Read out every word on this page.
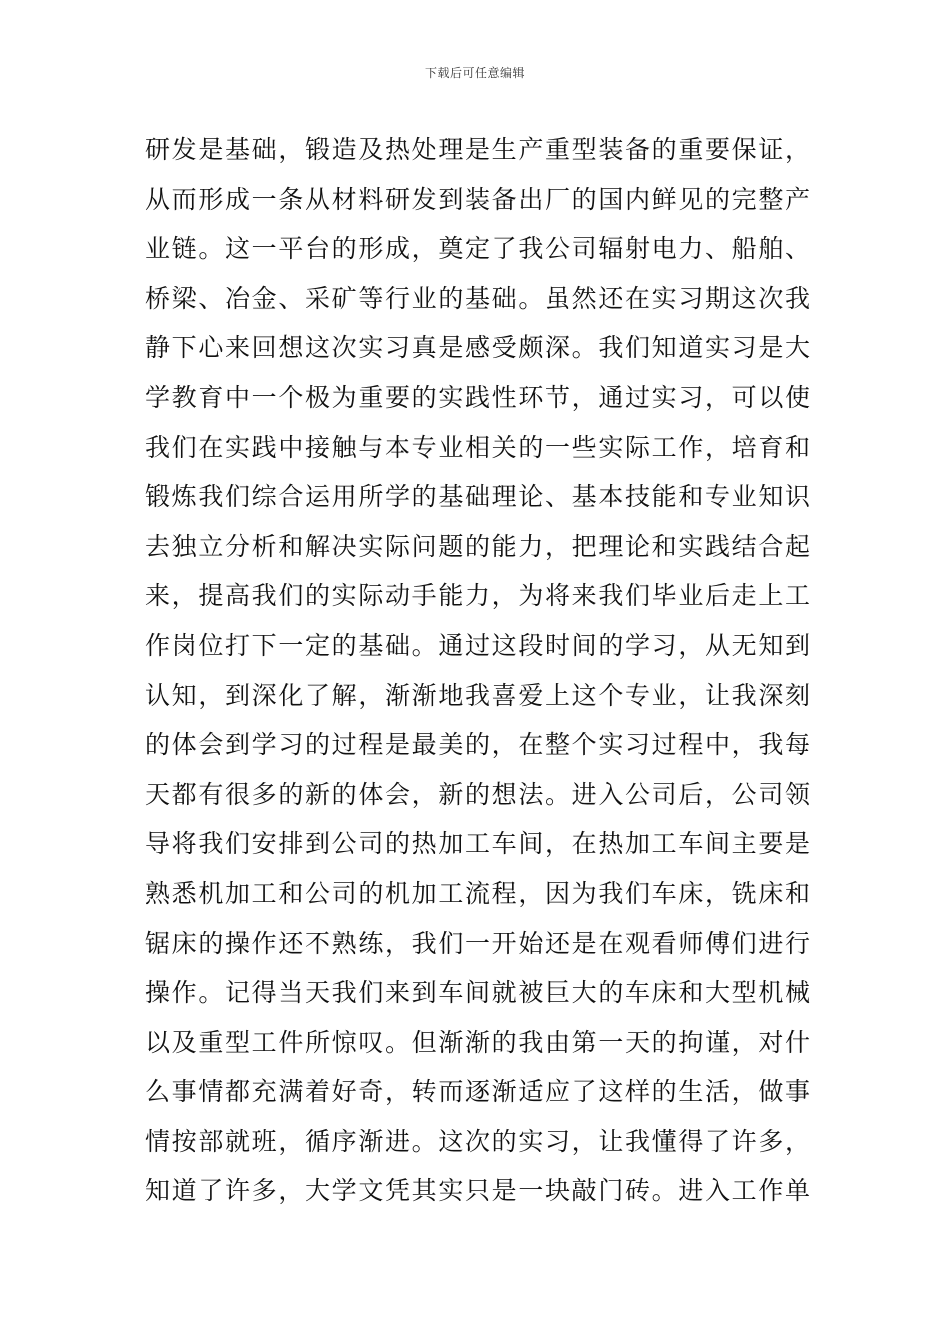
下载后可任意编辑
研发是基础，锻造及热处理是生产重型装备的重要保证，
从而形成一条从材料研发到装备出厂的国内鲜见的完整产
业链。这一平台的形成，奠定了我公司辐射电力、船舶、
桥梁、冶金、采矿等行业的基础。虽然还在实习期这次我
静下心来回想这次实习真是感受颇深。我们知道实习是大
学教育中一个极为重要的实践性环节，通过实习，可以使
我们在实践中接触与本专业相关的一些实际工作，培育和
锻炼我们综合运用所学的基础理论、基本技能和专业知识
去独立分析和解决实际问题的能力，把理论和实践结合起
来，提高我们的实际动手能力，为将来我们毕业后走上工
作岗位打下一定的基础。通过这段时间的学习，从无知到
认知，到深化了解，渐渐地我喜爱上这个专业，让我深刻
的体会到学习的过程是最美的，在整个实习过程中，我每
天都有很多的新的体会，新的想法。进入公司后，公司领
导将我们安排到公司的热加工车间，在热加工车间主要是
熟悉机加工和公司的机加工流程，因为我们车床，铣床和
锯床的操作还不熟练，我们一开始还是在观看师傅们进行
操作。记得当天我们来到车间就被巨大的车床和大型机械
以及重型工件所惊叹。但渐渐的我由第一天的拘谨，对什
么事情都充满着好奇，转而逐渐适应了这样的生活，做事
情按部就班，循序渐进。这次的实习，让我懂得了许多，
知道了许多，大学文凭其实只是一块敲门砖。进入工作单
